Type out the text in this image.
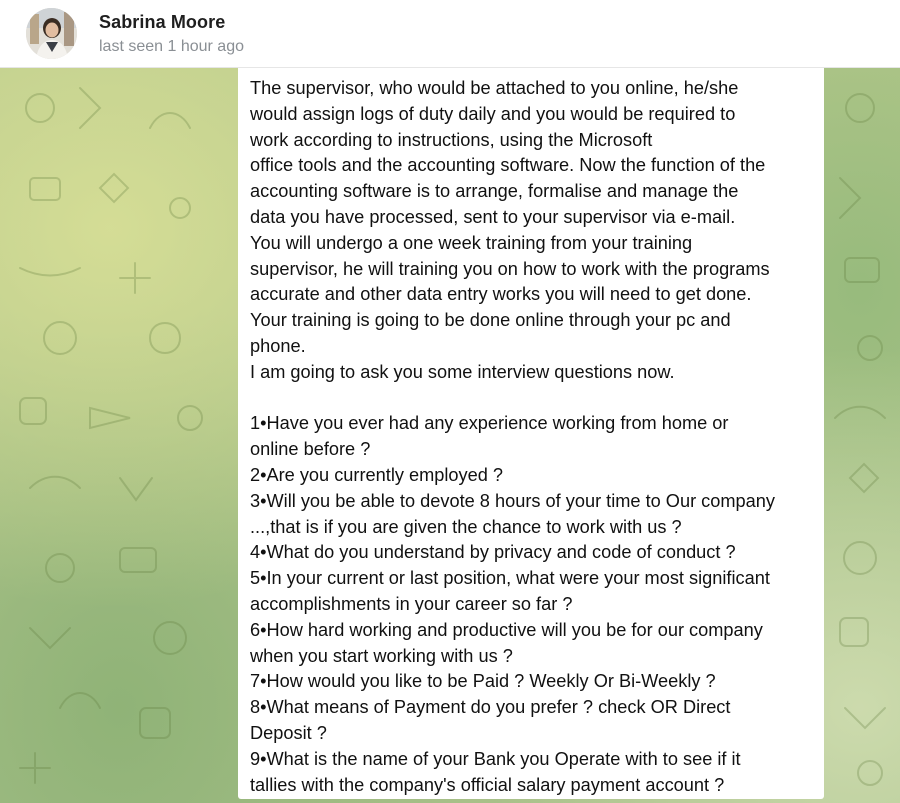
Sabrina Moore
last seen 1 hour ago
The supervisor, who would be attached to you online, he/she
would assign logs of duty daily and you would be required to
work according to instructions, using the Microsoft
office tools and the accounting software. Now the function of the
accounting software is to arrange, formalise and manage the
data you have processed, sent to your supervisor via e-mail.
You will undergo a one week training from your training
supervisor, he will training you on how to work with the programs
accurate and other data entry works you will need to get done.
Your training is going to be done online through your pc and
phone.
I am going to ask you some interview questions now.
1•Have you ever had any experience working from home or
online before ?
2•Are you currently employed ?
3•Will you be able to devote 8 hours of your time to Our company
...,that is if you are given the chance to work with us ?
4•What do you understand by privacy and code of conduct ?
5•In your current or last position, what were your most significant
accomplishments in your career so far ?
6•How hard working and productive will you be for our company
when you start working with us ?
7•How would you like to be Paid ? Weekly Or Bi-Weekly ?
8•What means of Payment do you prefer ? check OR Direct
Deposit ?
9•What is the name of your Bank you Operate with to see if it
tallies with the company's official salary payment account ?
